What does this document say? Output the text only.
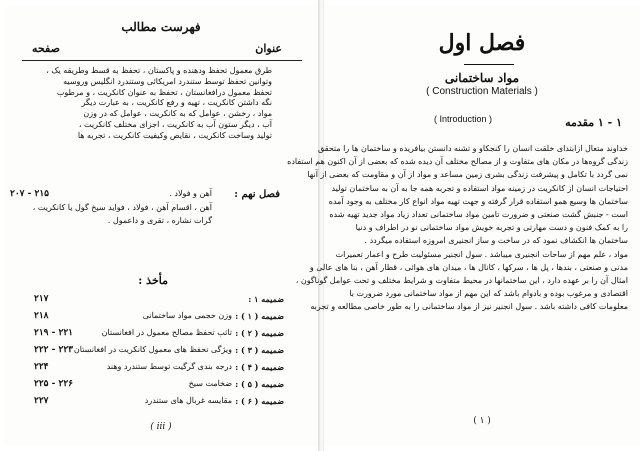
فهرست مطالب
عنوان
صفحه
طرق معمول تحفظ ودهنده و پاکستان ، تحفظ به قسط وطریقه یک ،
وتوانین تحفظ توسط ستندرد امریکائی وستندرد انگلیس وروسیه
تحفظ معمول درافغانستان ، تحفظ به عنوان کانکریت ، و مرطوب
نگه داشتن کانکریت ، تهیه و رفع کانکریت ، به عبارت دیگر
مواد ، رخشن ، عوامل که به کانکریت ، عوامل که در وزن
آب ، دیگر ستون آب به کانکریت ، اجزای مختلف کانکریت ،
تولید وساخت کانکریت ، نقایص وکیفیت کانکریت ، تجربه ها
فصل نهم :
آهن و فولاد .
آهن ، اقسام آهن ، فولاد ، فواید سیخ گول یا کانکریت ،
گرات نشاره ، تقری و داعمول .
۲۰۷ - ۲۱۵
مأخذ :
ضمیمه ۱ :
۲۱۷
ضمیمه ( ۱ ) :
وزن حجمی مواد ساختمانی
۲۱۸
ضمیمه ( ۲ ) :
تاثب تحفظ مصالح معمول در افغانستان
۲۱۹ - ۲۲۱
ضمیمه ( ۳ ) :
ویژگی تحفظ های معمول کانکریت در افغانستان
۲۲۲ - ۲۲۳
ضمیمه ( ۴ ) :
درجه بندی گرگیت توسط ستندرد وهند
۲۲۴
ضمیمه ( ۵ ) :
ضخامت سیخ
۲۲۵ - ۲۲۶
ضمیمه ( ۶ ) :
مقایسه غربال های ستندرد
۲۲۷
( iii )
فصل اول
مواد ساختمانی
( Construction Materials )
۱ - ۱ مقدمه
( Introduction )
خداوند متعال ازابتدای خلقت انسان را کنجکاو و تشنه دانستن بیافریده و ساختمان ها را متحقق
زندگی گروه‌ها در مکان های متفاوت و از مصالح مختلف آن دیده شده که بعضی از آن اکنون هم استفاده
نمی گردد با تکامل و پیشرفت زندگی بشری زمین مساعد و مواد از آن و مقاومت که بعضی از آنها
احتیاجات انسان از کانکریت در زمینه مواد استفاده و تجربه همه جا به آن به ساختمان تولید
ساختمان ها وسیع همو استفاده قرار گرفته و جهت تهیه مواد انواع کار مختلف به وجود آمده
است - جنبش گشت صنعتی و ضرورت تامین مواد ساختمانی تعداد زیاد مواد جدید تهیه شده
را به کمک فنون و دست مهارتی و تجربه خویش مواد ساختمانی نو در اطراف و دنیا
ساختمان ها انکشاف نمود که در ساخت و ساز انجنیری امروزه استفاده میگردد .
مواد ، علم مهم از ساحات انجنیری میباشد . سول انجنیر مسئولیت طرح و اعمار تعمیرات
مدنی و صنعتی ، بندها ، پل ها ، سرکها ، کانال ها ، میدان های هوائی ، قطار آهن ، بنا های عالی و
امثال آن را بر عهده دارد ، این ساختمانها در محیط متفاوت و شرایط مختلف و تحت عوامل گوناگون ،
اقتصادی و مرغوب بوده و بادوام باشد که این مهم از مواد ساختمانی مورد ضرورت با
معلومات کافی داشته باشد . سول انجنیر نیز از مواد ساختمانی را به طور خاصی مطالعه و تجربه
( ۱ )
